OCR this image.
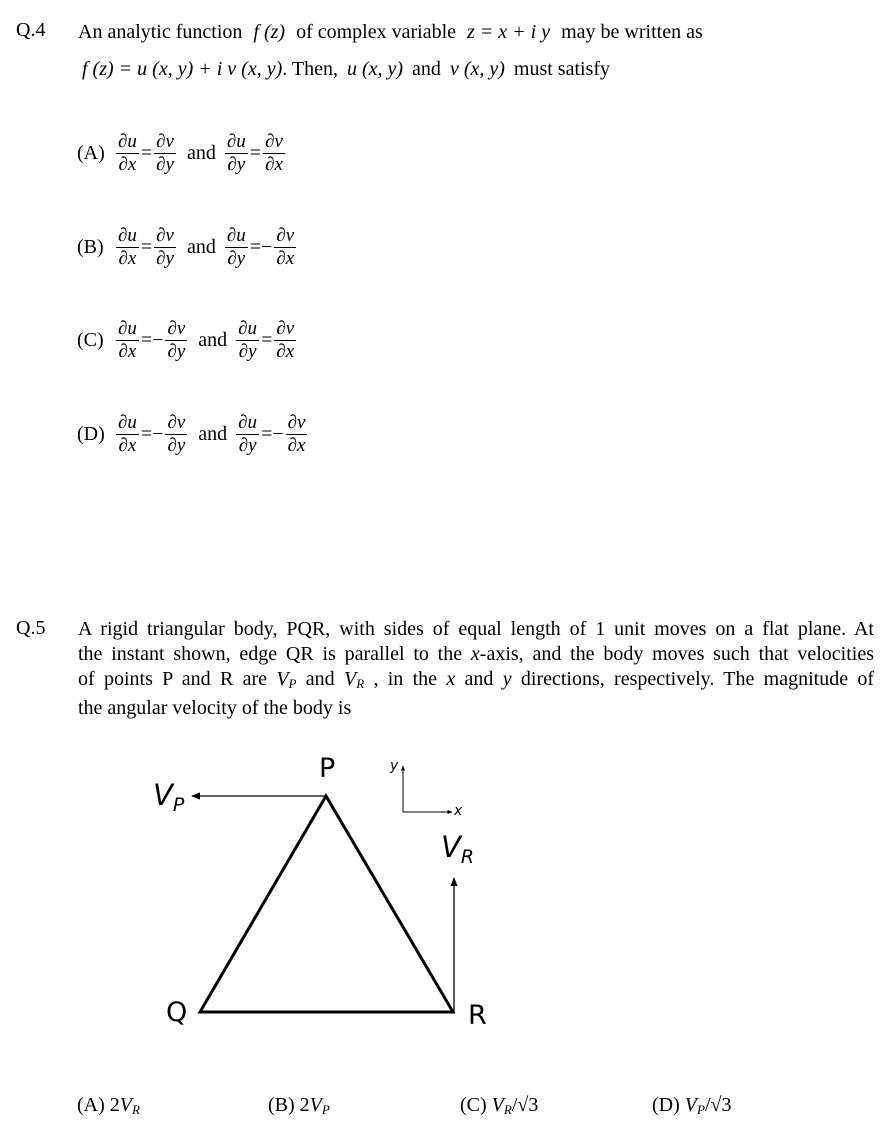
Q.4 An analytic function f (z) of complex variable z = x + i y may be written as
f (z) = u (x, y) + i v (x, y). Then, u (x, y) and v (x, y) must satisfy
$(A) \frac{\partial u}{\partial x} = \frac{\partial v}{\partial y}$ and $\frac{\partial u}{\partial y} = \frac{\partial v}{\partial x}$
$(B) \frac{\partial u}{\partial x} = \frac{\partial v}{\partial y}$ and $\frac{\partial u}{\partial y} =- \frac{\partial v}{\partial x}$
$(C) \frac{\partial u}{\partial x} =- \frac{\partial v}{\partial y}$ and $\frac{\partial u}{\partial y} = \frac{\partial v}{\partial x}$
$(D) \frac{\partial u}{\partial x} =- \frac{\partial v}{\partial y}$ and $\frac{\partial u}{\partial y} =- \frac{\partial v}{\partial x}$
Q.5 A rigid triangular body, PQR, with sides of equal length of 1 unit moves on a flat plane. At
the instant shown, edge QR is parallel to the x-axis, and the body moves such that velocities
of points P and R are $V_P$ and $V_R$ , in the x and y directions, respectively. The magnitude of
the angular velocity of the body is
P
Q	R
$V_P$
$V_R$
y
x
(A) $2V_R$	(B) $2V_P$	(C) $V_R/√3$	(D) $V_P/√3$
